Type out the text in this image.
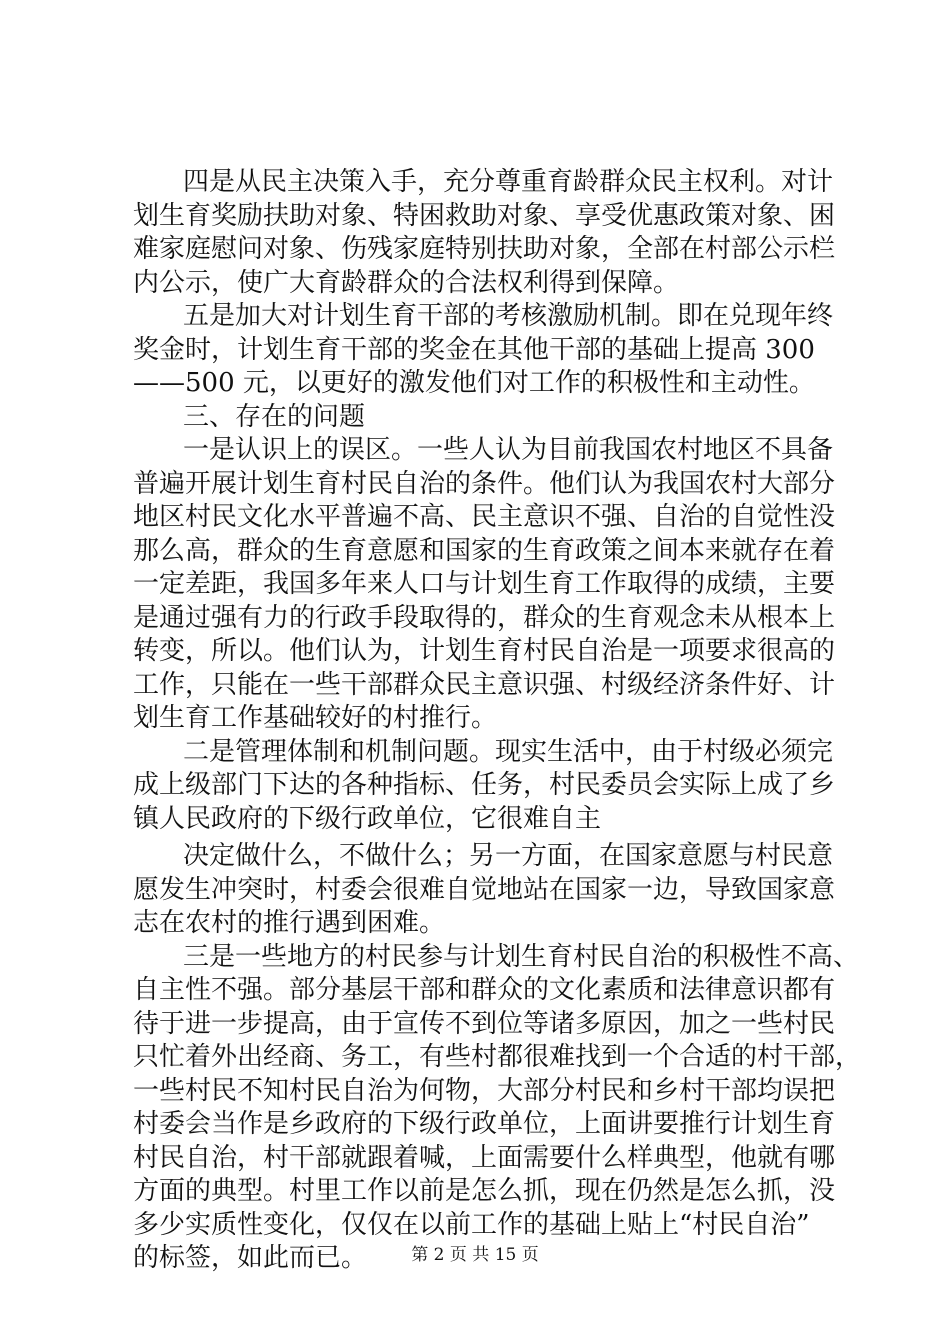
四是从民主决策入手，充分尊重育龄群众民主权利。对计
划生育奖励扶助对象、特困救助对象、享受优惠政策对象、困
难家庭慰问对象、伤残家庭特别扶助对象，全部在村部公示栏
内公示，使广大育龄群众的合法权利得到保障。
五是加大对计划生育干部的考核激励机制。即在兑现年终
奖金时，计划生育干部的奖金在其他干部的基础上提高 300
——500 元，以更好的激发他们对工作的积极性和主动性。
三、存在的问题
一是认识上的误区。一些人认为目前我国农村地区不具备
普遍开展计划生育村民自治的条件。他们认为我国农村大部分
地区村民文化水平普遍不高、民主意识不强、自治的自觉性没
那么高，群众的生育意愿和国家的生育政策之间本来就存在着
一定差距，我国多年来人口与计划生育工作取得的成绩，主要
是通过强有力的行政手段取得的，群众的生育观念未从根本上
转变，所以。他们认为，计划生育村民自治是一项要求很高的
工作，只能在一些干部群众民主意识强、村级经济条件好、计
划生育工作基础较好的村推行。
二是管理体制和机制问题。现实生活中，由于村级必须完
成上级部门下达的各种指标、任务，村民委员会实际上成了乡
镇人民政府的下级行政单位，它很难自主
决定做什么，不做什么；另一方面，在国家意愿与村民意
愿发生冲突时，村委会很难自觉地站在国家一边，导致国家意
志在农村的推行遇到困难。
三是一些地方的村民参与计划生育村民自治的积极性不高、
自主性不强。部分基层干部和群众的文化素质和法律意识都有
待于进一步提高，由于宣传不到位等诸多原因，加之一些村民
只忙着外出经商、务工，有些村都很难找到一个合适的村干部，
一些村民不知村民自治为何物，大部分村民和乡村干部均误把
村委会当作是乡政府的下级行政单位，上面讲要推行计划生育
村民自治，村干部就跟着喊，上面需要什么样典型，他就有哪
方面的典型。村里工作以前是怎么抓，现在仍然是怎么抓，没
多少实质性变化，仅仅在以前工作的基础上贴上“村民自治”
的标签，如此而已。	第 2 页 共 15 页
